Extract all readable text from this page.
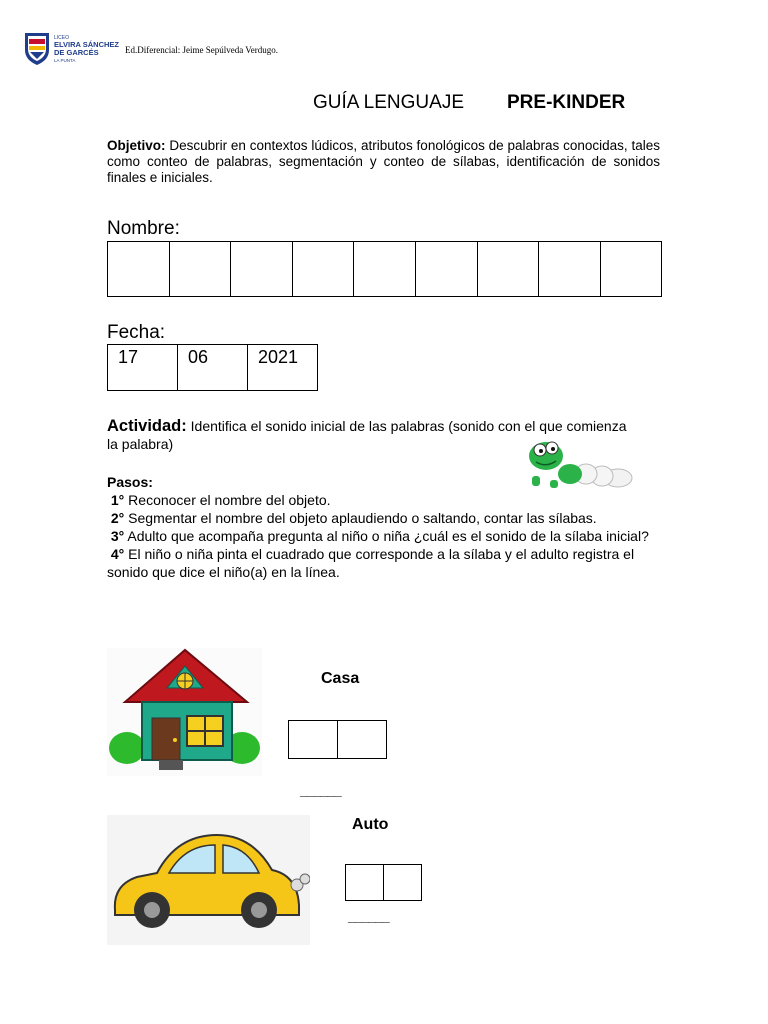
LICEO
ELVIRA SÁNCHEZ
DE GARCÉS
LA PUNTA
Ed.Diferencial: Jeime Sepúlveda Verdugo.
GUÍA LENGUAJE PRE-KINDER
Objetivo: Descubrir en contextos lúdicos, atributos fonológicos de palabras conocidas, tales como conteo de palabras, segmentación y conteo de sílabas, identificación de sonidos finales e iniciales.
Nombre:

Fecha:
17	06	2021
Actividad: Identifica el sonido inicial de las palabras (sonido con el que comienza la palabra)
Pasos:
1° Reconocer el nombre del objeto.
2° Segmentar el nombre del objeto aplaudiendo o saltando, contar las sílabas.
3° Adulto que acompaña pregunta al niño o niña ¿cuál es el sonido de la sílaba inicial?
4° El niño o niña pinta el cuadrado que corresponde a la sílaba y el adulto registra el sonido que dice el niño(a) en la línea.
Casa

______
Auto

______
